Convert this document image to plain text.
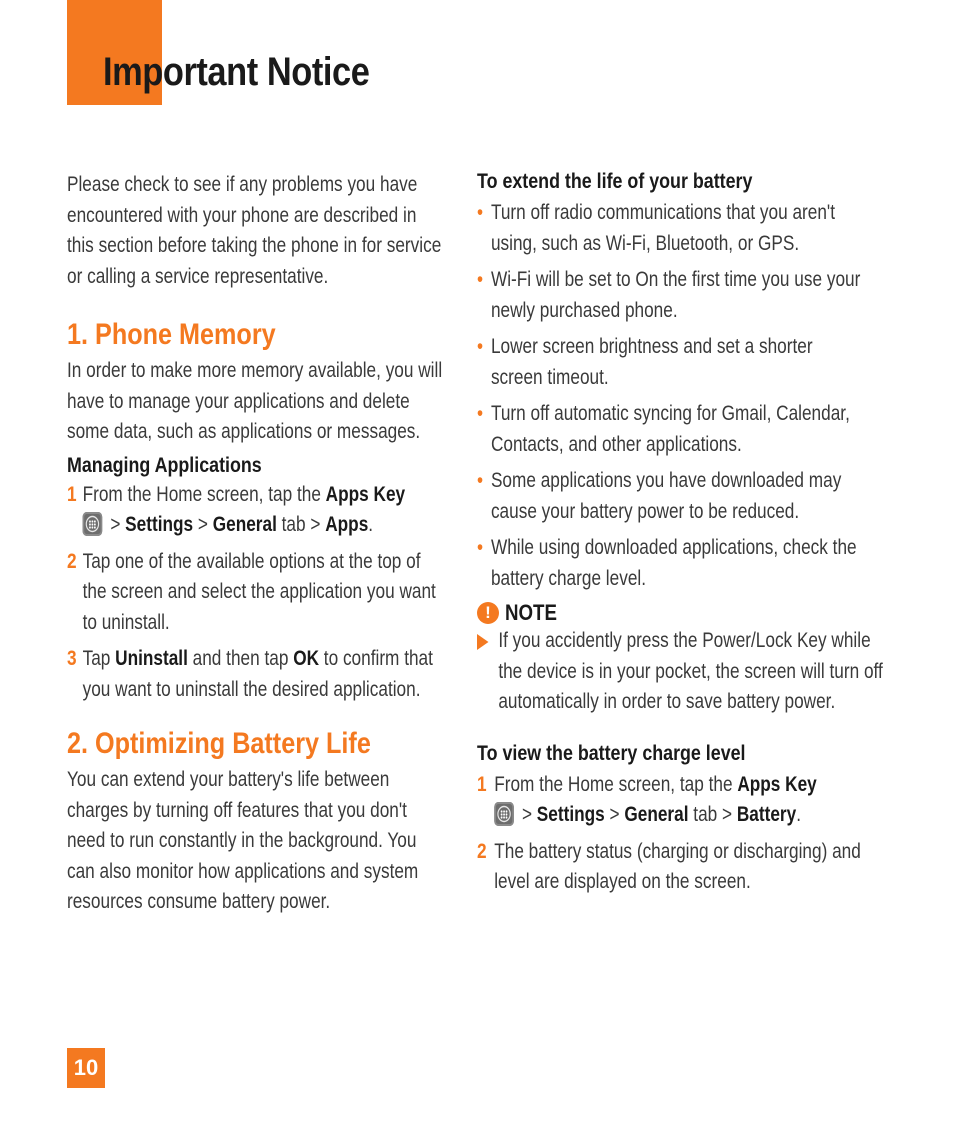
Important Notice

Please check to see if any problems you have encountered with your phone are described in this section before taking the phone in for service or calling a service representative.

1. Phone Memory

In order to make more memory available, you will have to manage your applications and delete some data, such as applications or messages.

Managing Applications
1 From the Home screen, tap the Apps Key

> Settings > General tab > Apps.
2 Tap one of the available options at the top of the screen and select the application you want to uninstall.
3 Tap Uninstall and then tap OK to confirm that you want to uninstall the desired application.
2. Optimizing Battery Life

You can extend your battery's life between charges by turning off features that you don't need to run constantly in the background. You can also monitor how applications and system resources consume battery power.

To extend the life of your battery
• Turn off radio communications that you aren't using, such as Wi-Fi, Bluetooth, or GPS.
• Wi-Fi will be set to On the first time you use your newly purchased phone.
• Lower screen brightness and set a shorter screen timeout.
• Turn off automatic syncing for Gmail, Calendar, Contacts, and other applications.
• Some applications you have downloaded may cause your battery power to be reduced.
• While using downloaded applications, check the battery charge level.
! NOTE
If you accidently press the Power/Lock Key while the device is in your pocket, the screen will turn off automatically in order to save battery power.
To view the battery charge level
1 From the Home screen, tap the Apps Key

> Settings > General tab > Battery.
2 The battery status (charging or discharging) and level are displayed on the screen.
10
